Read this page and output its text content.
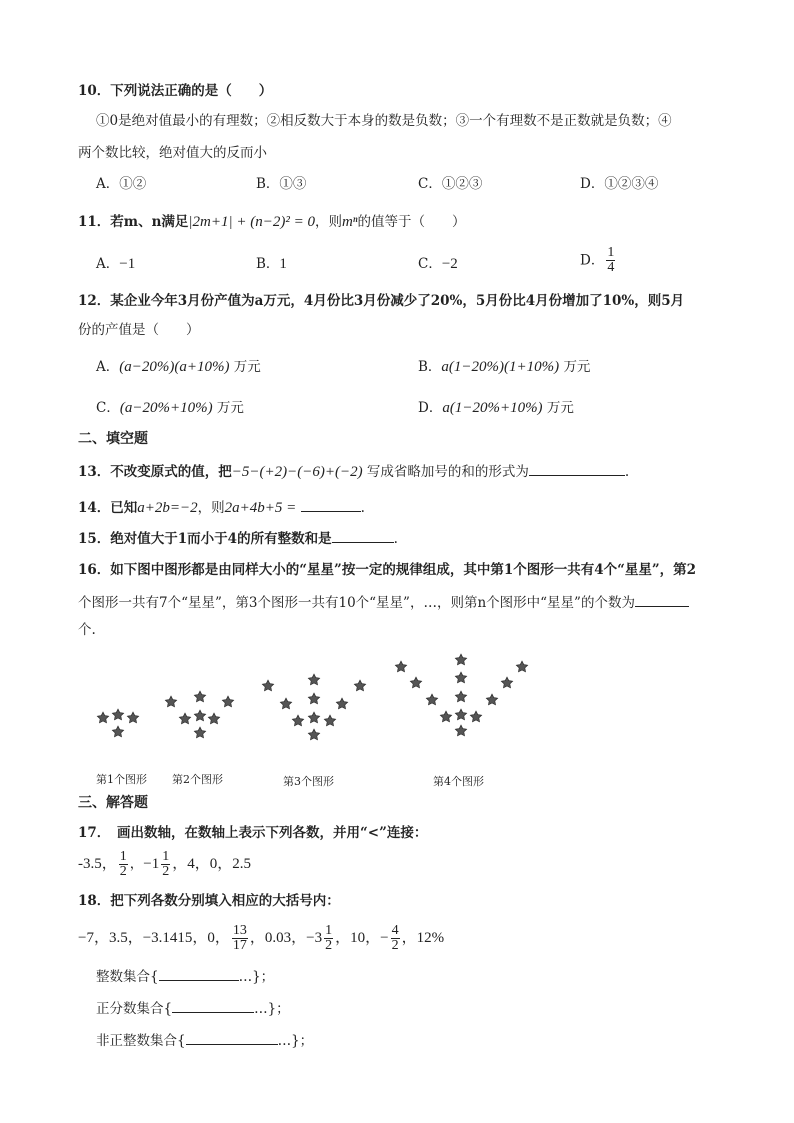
10．下列说法正确的是（　　）
①0是绝对值最小的有理数；②相反数大于本身的数是负数；③一个有理数不是正数就是负数；④
两个数比较，绝对值大的反而小
A．①②	B．①③	C．①②③	D．①②③④
11．若m、n满足|2m+1| + (n−2)² = 0，则mⁿ的值等于（　　）
A．−1	B．1	C．−2	D． $\frac{1}{4}$
12．某企业今年3月份产值为a万元，4月份比3月份减少了20%，5月份比4月份增加了10%，则5月
份的产值是（　　）
A．(a−20%)(a+10%) 万元	B．a(1−20%)(1+10%) 万元
C．(a−20%+10%) 万元	D．a(1−20%+10%) 万元
二、填空题
13．不改变原式的值，把−5−(+2)−(−6)+(−2) 写成省略加号的和的形式为	.
14．已知a+2b=−2，则2a+4b+5 =	.
15．绝对值大于1而小于4的所有整数和是	.
16．如下图中图形都是由同样大小的“星星”按一定的规律组成，其中第1个图形一共有4个“星星”，第2
个图形一共有7个“星星”，第3个图形一共有10个“星星”，…，则第n个图形中“星星”的个数为
个.
第1个图形 第2个图形	第3个图形	第4个图形
三、解答题
17．　画出数轴，在数轴上表示下列各数，并用“<”连接：
-3.5， $\frac{1}{2}$ ，$-1 \frac{1}{2}$ ，4，0，2.5
18．把下列各数分别填入相应的大括号内：
−7，3.5，−3.1415，0， $\frac{13}{17}$ ，0.03，$-3 \frac{1}{2}$ ，10，− $\frac{4}{2}$ ，12%
整数集合{	…}；
正分数集合{	…}；
非正整数集合{	…}；
